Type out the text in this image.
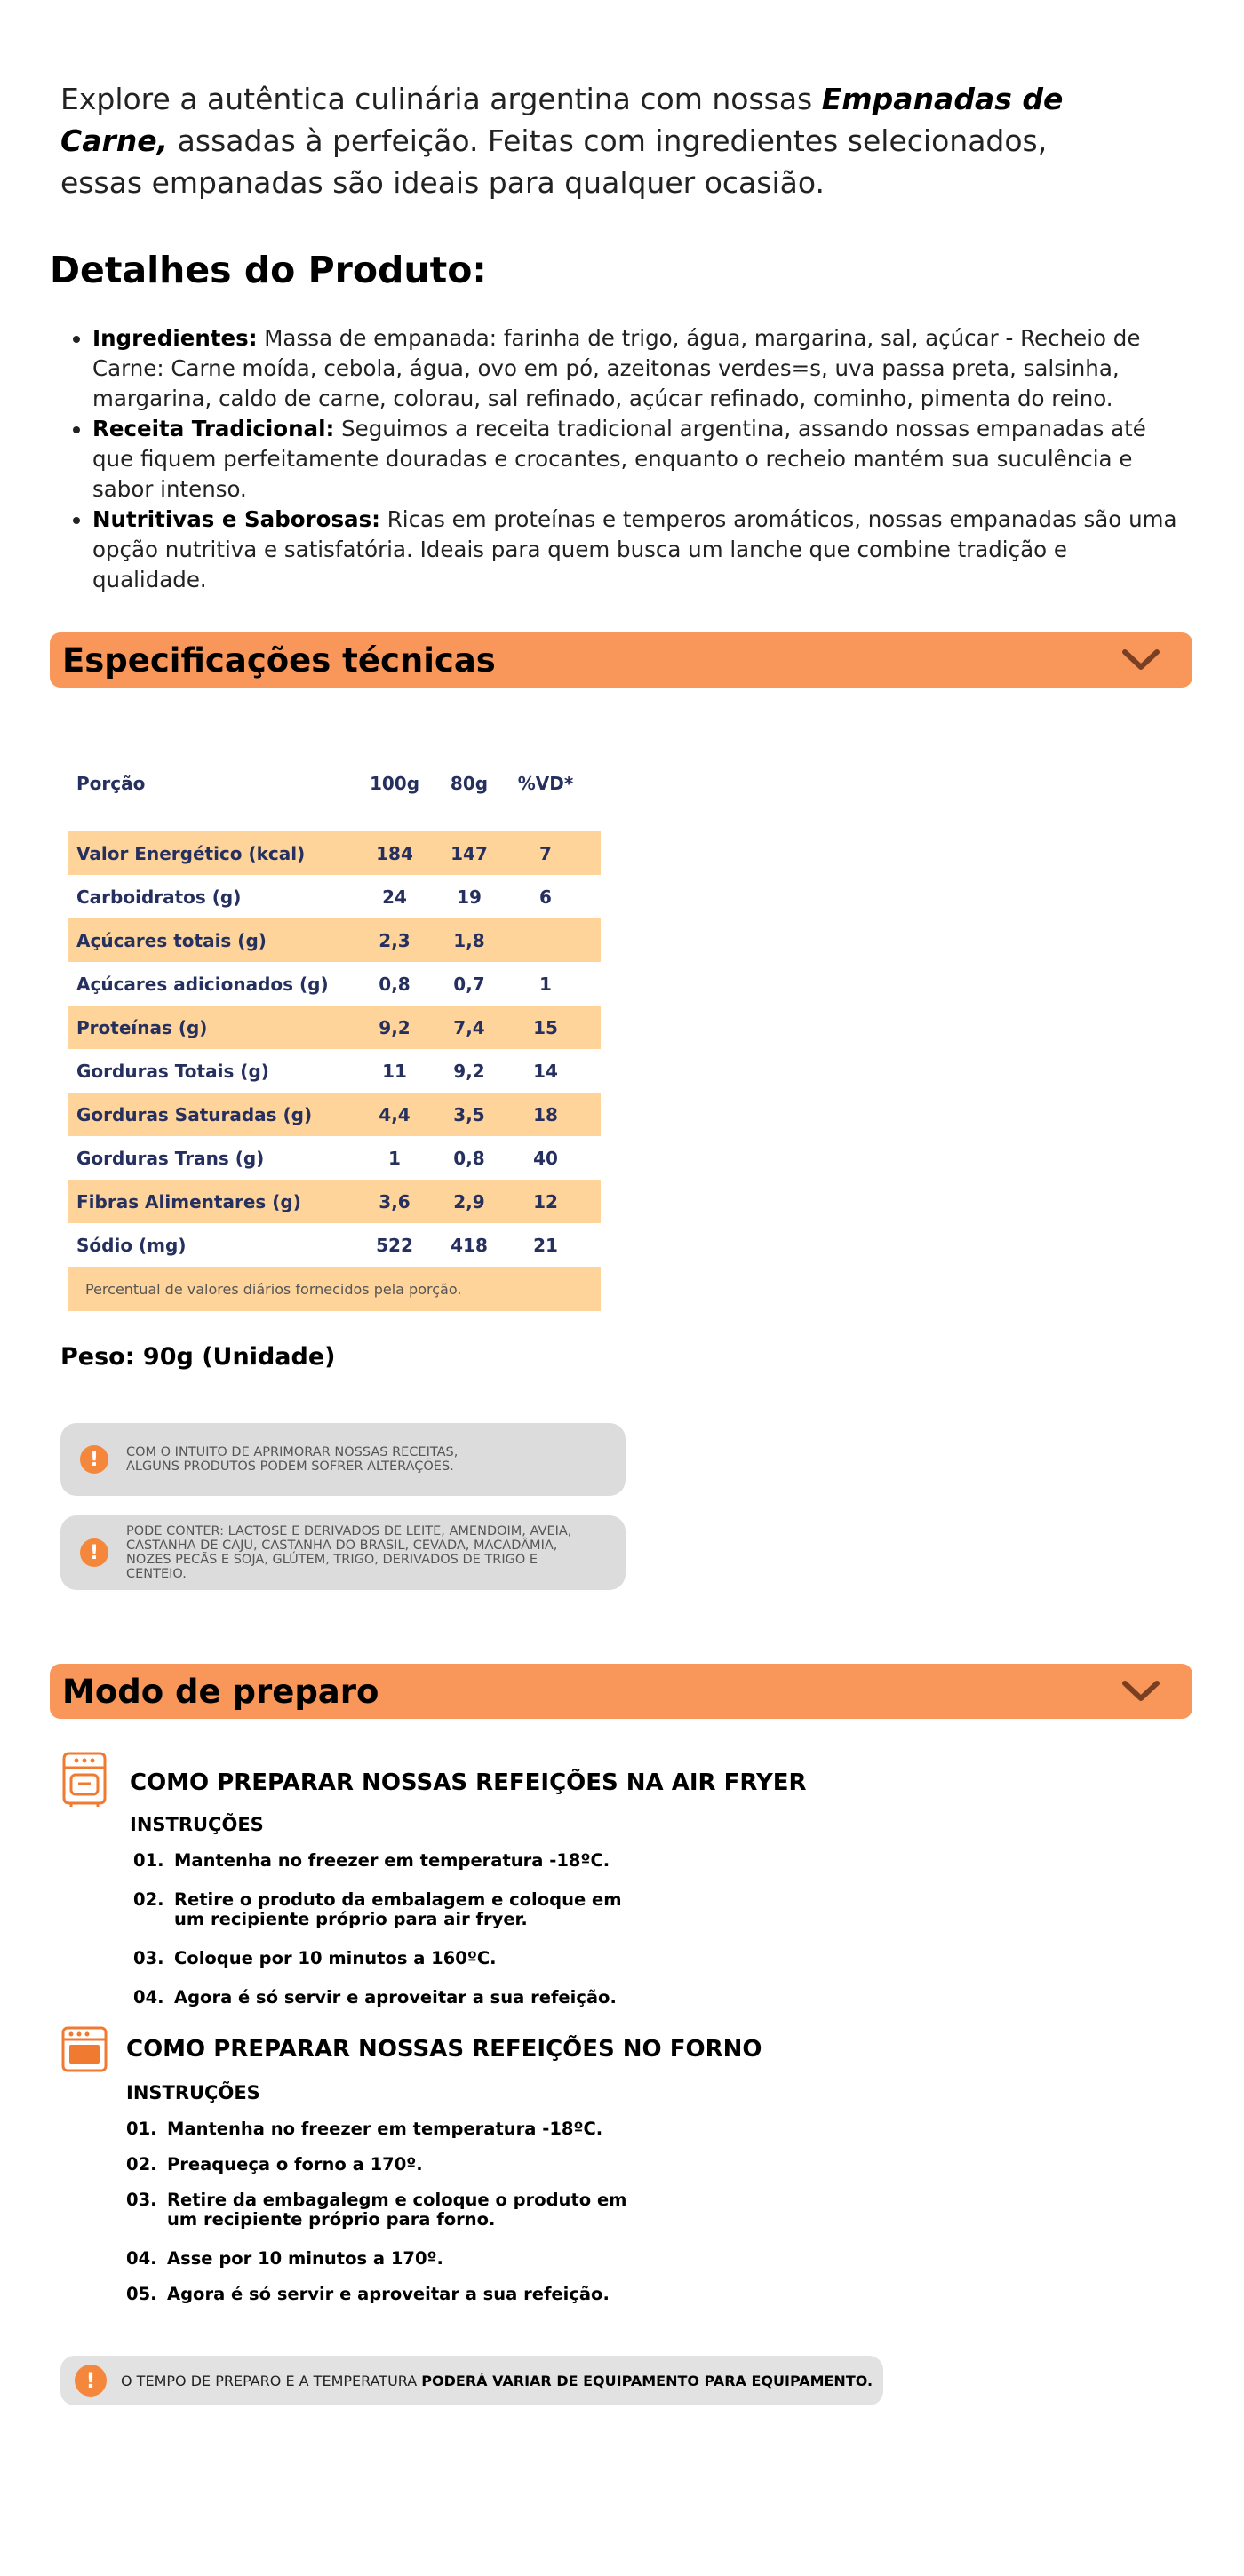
Explore a autêntica culinária argentina com nossas Empanadas de Carne, assadas à perfeição. Feitas com ingredientes selecionados, essas empanadas são ideais para qualquer ocasião.

Detalhes do Produto:
• Ingredientes: Massa de empanada: farinha de trigo, água, margarina, sal, açúcar - Recheio de Carne: Carne moída, cebola, água, ovo em pó, azeitonas verdes=s, uva passa preta, salsinha, margarina, caldo de carne, colorau, sal refinado, açúcar refinado, cominho, pimenta do reino.
• Receita Tradicional: Seguimos a receita tradicional argentina, assando nossas empanadas até que fiquem perfeitamente douradas e crocantes, enquanto o recheio mantém sua suculência e sabor intenso.
• Nutritivas e Saborosas: Ricas em proteínas e temperos aromáticos, nossas empanadas são uma opção nutritiva e satisfatória. Ideais para quem busca um lanche que combine tradição e qualidade.
Especificações técnicas
Porção	100g	80g	%VD*
Valor Energético (kcal)	184	147	7
Carboidratos (g)	24	19	6
Açúcares totais (g)	2,3	1,8
Açúcares adicionados (g)	0,8	0,7	1
Proteínas (g)	9,2	7,4	15
Gorduras Totais (g)	11	9,2	14
Gorduras Saturadas (g)	4,4	3,5	18
Gorduras Trans (g)	1	0,8	40
Fibras Alimentares (g)	3,6	2,9	12
Sódio (mg)	522	418	21
Percentual de valores diários fornecidos pela porção.
Peso: 90g (Unidade)
!	COM O INTUITO DE APRIMORAR NOSSAS RECEITAS, ALGUNS PRODUTOS PODEM SOFRER ALTERAÇÕES.
!
PODE CONTER: LACTOSE E DERIVADOS DE LEITE, AMENDOIM, AVEIA, CASTANHA DE CAJU, CASTANHA DO BRASIL, CEVADA, MACADÂMIA, NOZES PECÃS E SOJA, GLÚTEM, TRIGO, DERIVADOS DE TRIGO E CENTEIO.
Modo de preparo
COMO PREPARAR NOSSAS REFEIÇÕES NA AIR FRYER
INSTRUÇÕES
01. Mantenha no freezer em temperatura -18ºC.
02. Retire o produto da embalagem e coloque em um recipiente próprio para air fryer.
03. Coloque por 10 minutos a 160ºC.
04. Agora é só servir e aproveitar a sua refeição.
COMO PREPARAR NOSSAS REFEIÇÕES NO FORNO
INSTRUÇÕES
01. Mantenha no freezer em temperatura -18ºC.
02. Preaqueça o forno a 170º.
03. Retire da embagalegm e coloque o produto em um recipiente próprio para forno.
04. Asse por 10 minutos a 170º.
05. Agora é só servir e aproveitar a sua refeição.
!	O TEMPO DE PREPARO E A TEMPERATURA PODERÁ VARIAR DE EQUIPAMENTO PARA EQUIPAMENTO.
